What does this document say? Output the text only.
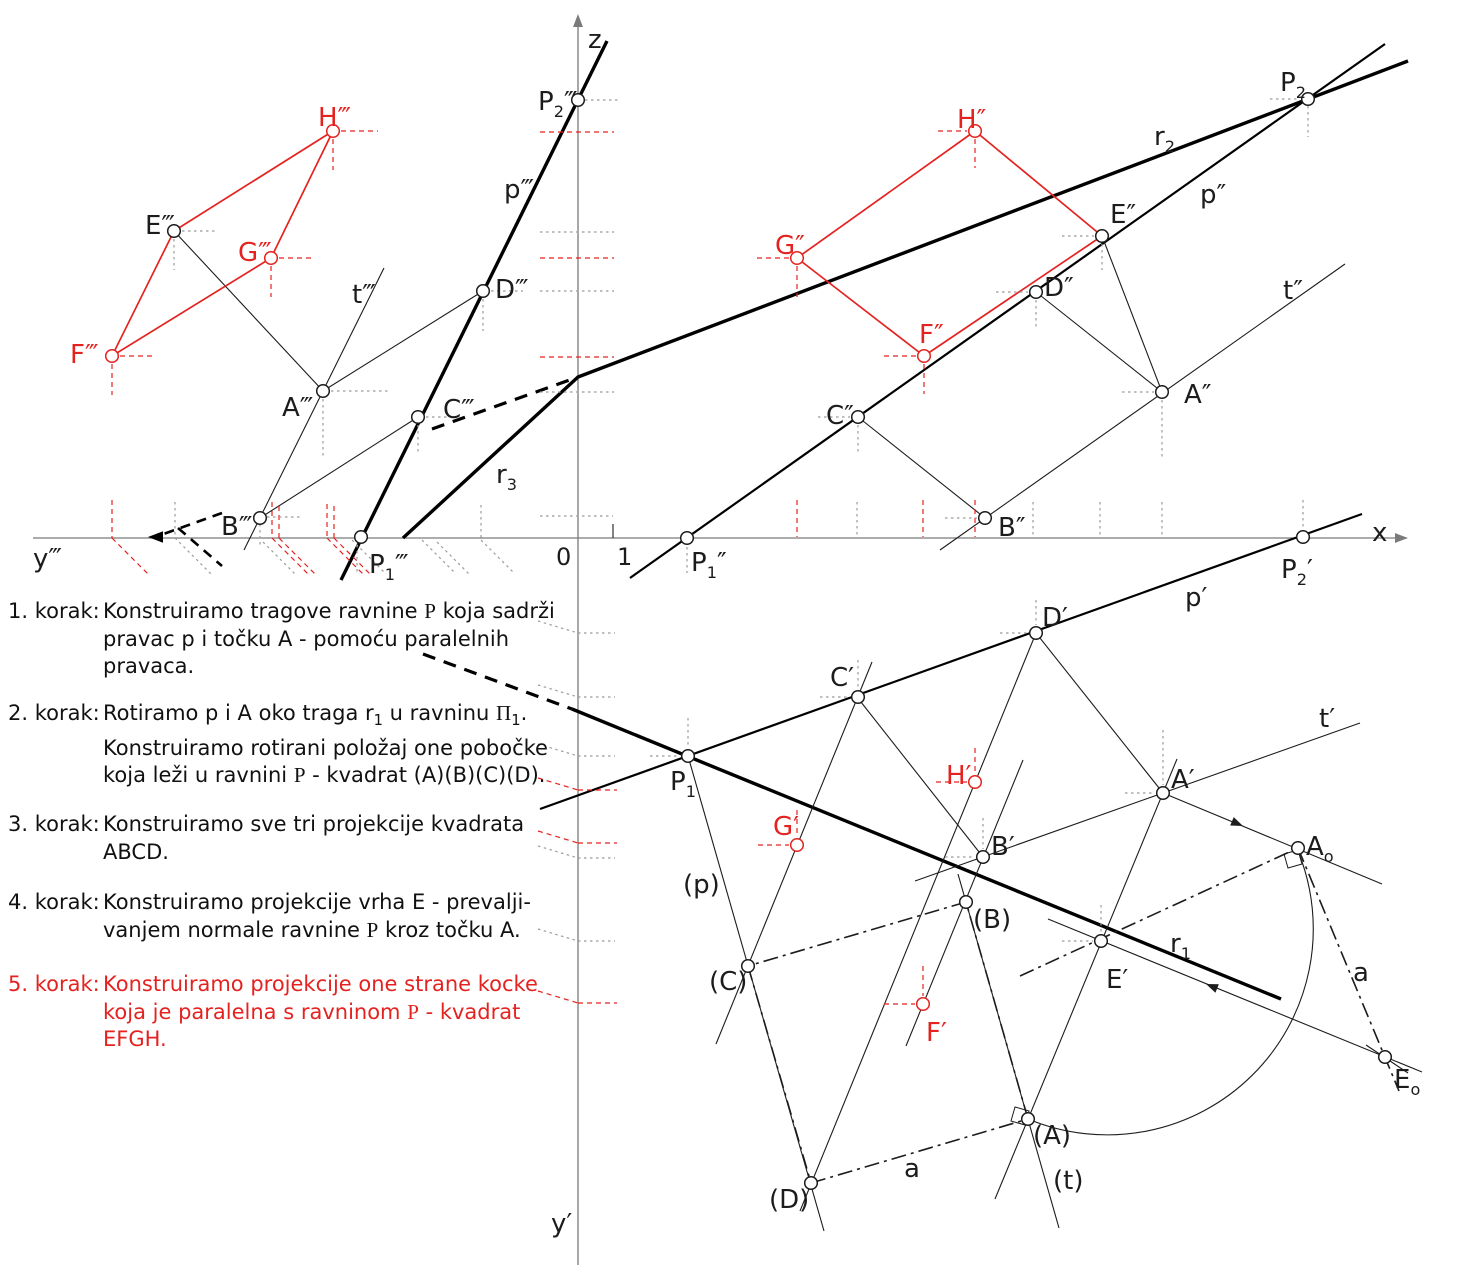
z
x
y‴
y′
0 1
$P_2‴$
p‴
D‴
t‴
H‴
E‴
G‴
F‴
A‴	C‴
B‴
$P_1‴$	$P_1''$
$r_3$
$r_2$
p″
$P_2$
t″
H″
G″
E″
D″
F″
C″
B″
A″
$P_2'$
p′
D′
C′
$P_1$
H′
G′
B′
A′
t′
$A_o$
(p)
(B)
E′
$r_1$
a
$E_o$
(C)
F′
(A)
a	(t)
(D)
1. korak: Konstruiramo tragove ravnine P koja sadrži
pravac p i točku A - pomoću paralelnih
pravaca.
2. korak: Rotiramo p i A oko traga $r_1$ u ravninu $\Pi_1$.
Konstruiramo rotirani položaj one pobočke
koja leži u ravnini P - kvadrat (A)(B)(C)(D).
3. korak: Konstruiramo sve tri projekcije kvadrata
ABCD.
4. korak: Konstruiramo projekcije vrha E - prevalji-
vanjem normale ravnine P kroz točku A.
5. korak: Konstruiramo projekcije one strane kocke
koja je paralelna s ravninom P - kvadrat EFGH.
